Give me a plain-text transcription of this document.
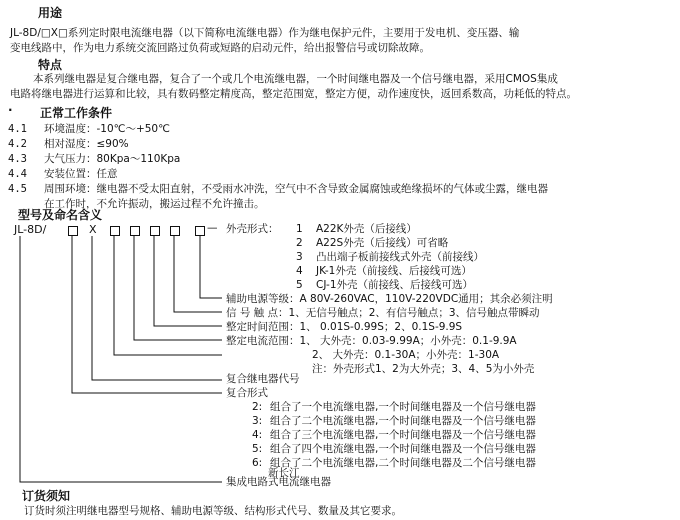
用途
JL-8D/□X□系列定时限电流继电器（以下简称电流继电器）作为继电保护元件，主要用于发电机、变压器、输
变电线路中，作为电力系统交流回路过负荷或短路的启动元件，给出报警信号或切除故障。
特点
本系列继电器是复合继电器，复合了一个或几个电流继电器，一个时间继电器及一个信号继电器，采用CMOS集成
电路将继电器进行运算和比较，具有数码整定精度高，整定范围宽，整定方便，动作速度快，返回系数高，功耗低的特点。
· 正常工作条件
4.1 环境温度：-10℃～+50℃
4.2 相对湿度：≤90%
4.3 大气压力：80Kpa～110Kpa
4.4 安装位置：任意
4.5 周围环境：继电器不受太阳直射，不受雨水冲洗，空气中不含导致金属腐蚀或绝缘损坏的气体或尘露，继电器
在工作时，不允许振动，搬运过程不允许撞击。
型号及命名含义
JL-8D/	X	— 外壳形式： 1 A22K外壳（后接线）
2 A22S外壳（后接线）可省略
3 凸出端子板前接线式外壳（前接线）
4 JK-1外壳（前接线、后接线可选）
5 CJ-1外壳（前接线、后接线可选）
辅助电源等级：A 80V-260VAC，110V-220VDC通用；其余必须注明
信 号 触 点：1、无信号触点；2、有信号触点；3、信号触点带瞬动
整定时间范围：1、 0.01S-0.99S；2、0.1S-9.9S
整定电流范围：1、 大外壳：0.03-9.99A；小外壳：0.1-9.9A
2、 大外壳：0.1-30A；小外壳：1-30A
注：外壳形式1、2为大外壳；3、4、5为小外壳
复合继电器代号
复合形式
2: 组合了一个电流继电器,一个时间继电器及一个信号继电器
3: 组合了二个电流继电器,一个时间继电器及一个信号继电器
4: 组合了三个电流继电器,一个时间继电器及一个信号继电器
5: 组合了四个电流继电器,一个时间继电器及一个信号继电器
6: 组合了二个电流继电器,二个时间继电器及二个信号继电器
新长江
集成电路式电流继电器
订货须知
订货时须注明继电器型号规格、辅助电源等级、结构形式代号、数量及其它要求。
